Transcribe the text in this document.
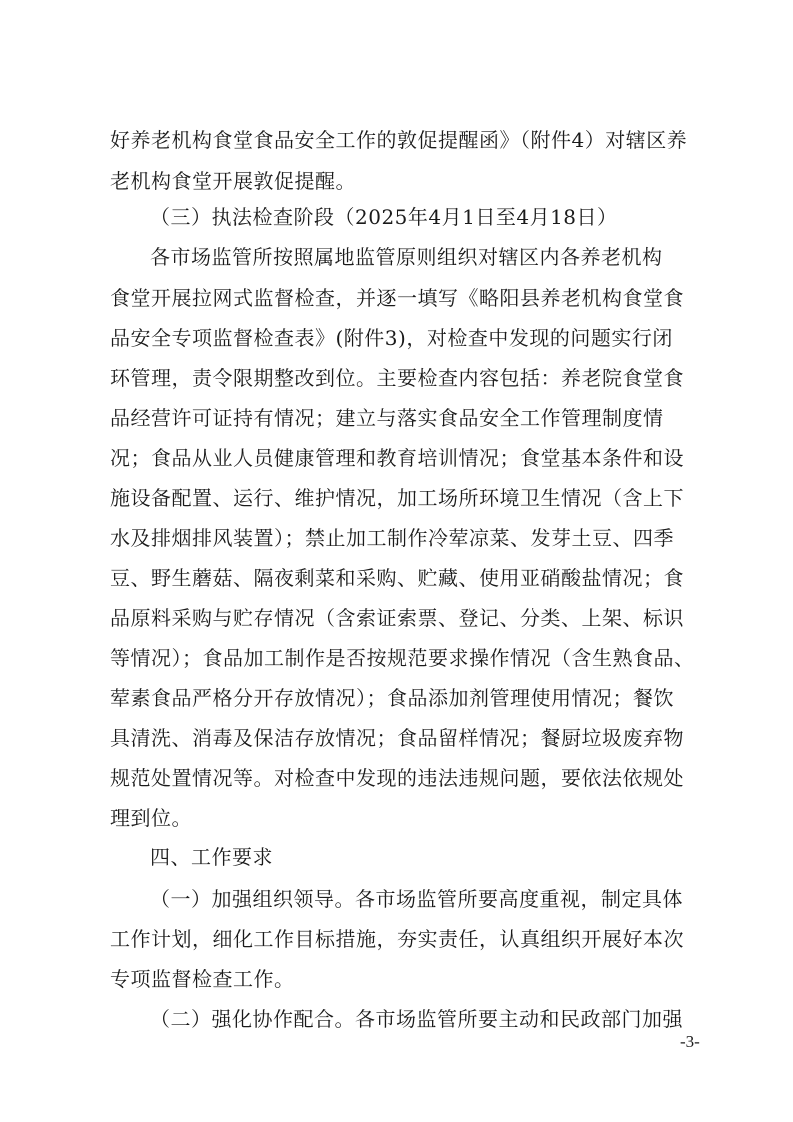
好养老机构食堂食品安全工作的敦促提醒函》（附件4）对辖区养
老机构食堂开展敦促提醒。
（三）执法检查阶段（2025年4月1日至4月18日）
各市场监管所按照属地监管原则组织对辖区内各养老机构
食堂开展拉网式监督检查，并逐一填写《略阳县养老机构食堂食
品安全专项监督检查表》(附件3)，对检查中发现的问题实行闭
环管理，责令限期整改到位。主要检查内容包括：养老院食堂食
品经营许可证持有情况；建立与落实食品安全工作管理制度情
况；食品从业人员健康管理和教育培训情况；食堂基本条件和设
施设备配置、运行、维护情况，加工场所环境卫生情况（含上下
水及排烟排风装置）；禁止加工制作冷荤凉菜、发芽土豆、四季
豆、野生蘑菇、隔夜剩菜和采购、贮藏、使用亚硝酸盐情况；食
品原料采购与贮存情况（含索证索票、登记、分类、上架、标识
等情况）；食品加工制作是否按规范要求操作情况（含生熟食品、
荤素食品严格分开存放情况）；食品添加剂管理使用情况；餐饮
具清洗、消毒及保洁存放情况；食品留样情况；餐厨垃圾废弃物
规范处置情况等。对检查中发现的违法违规问题，要依法依规处
理到位。
四、工作要求
（一）加强组织领导。各市场监管所要高度重视，制定具体
工作计划，细化工作目标措施，夯实责任，认真组织开展好本次
专项监督检查工作。
（二）强化协作配合。各市场监管所要主动和民政部门加强
-3-
